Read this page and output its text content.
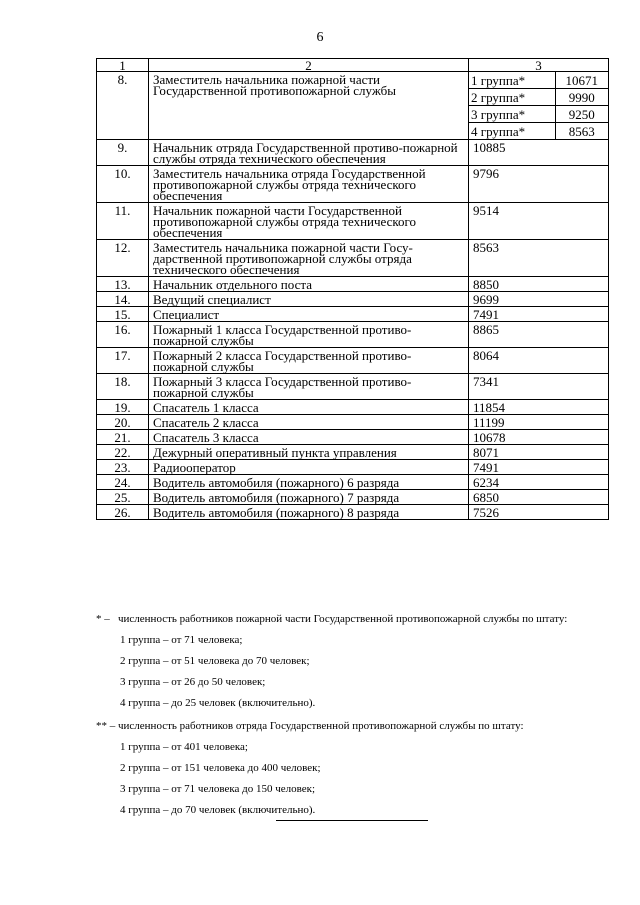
6
1	2	3
8.	Заместитель начальника пожарной части Государственной противопожарной службы	
1 группа*	10671
2 группа*	9990
3 группа*	9250
4 группа*	8563

9.	Начальник отряда Государственной противо-пожарной службы отряда технического обеспечения	10885
10.	Заместитель начальника отряда Государственной противопожарной службы отряда технического обеспечения	9796
11.	Начальник пожарной части Государственной противопожарной службы отряда технического обеспечения	9514
12.	Заместитель начальника пожарной части Госу-дарственной противопожарной службы отряда технического обеспечения	8563
13.	Начальник отдельного поста	8850
14.	Ведущий специалист	9699
15.	Специалист	7491
16.	Пожарный 1 класса Государственной противо-пожарной службы	8865
17.	Пожарный 2 класса Государственной противо-пожарной службы	8064
18.	Пожарный 3 класса Государственной противо-пожарной службы	7341
19.	Спасатель 1 класса	11854
20.	Спасатель 2 класса	11199
21.	Спасатель 3 класса	10678
22.	Дежурный оперативный пункта управления	8071
23.	Радиооператор	7491
24.	Водитель автомобиля (пожарного) 6 разряда	6234
25.	Водитель автомобиля (пожарного) 7 разряда	6850
26.	Водитель автомобиля (пожарного) 8 разряда	7526
* – численность работников пожарной части Государственной противопожарной службы по штату:
1 группа – от 71 человека;
2 группа – от 51 человека до 70 человек;
3 группа – от 26 до 50 человек;
4 группа – до 25 человек (включительно).
** – численность работников отряда Государственной противопожарной службы по штату:
1 группа – от 401 человека;
2 группа – от 151 человека до 400 человек;
3 группа – от 71 человека до 150 человек;
4 группа – до 70 человек (включительно).
